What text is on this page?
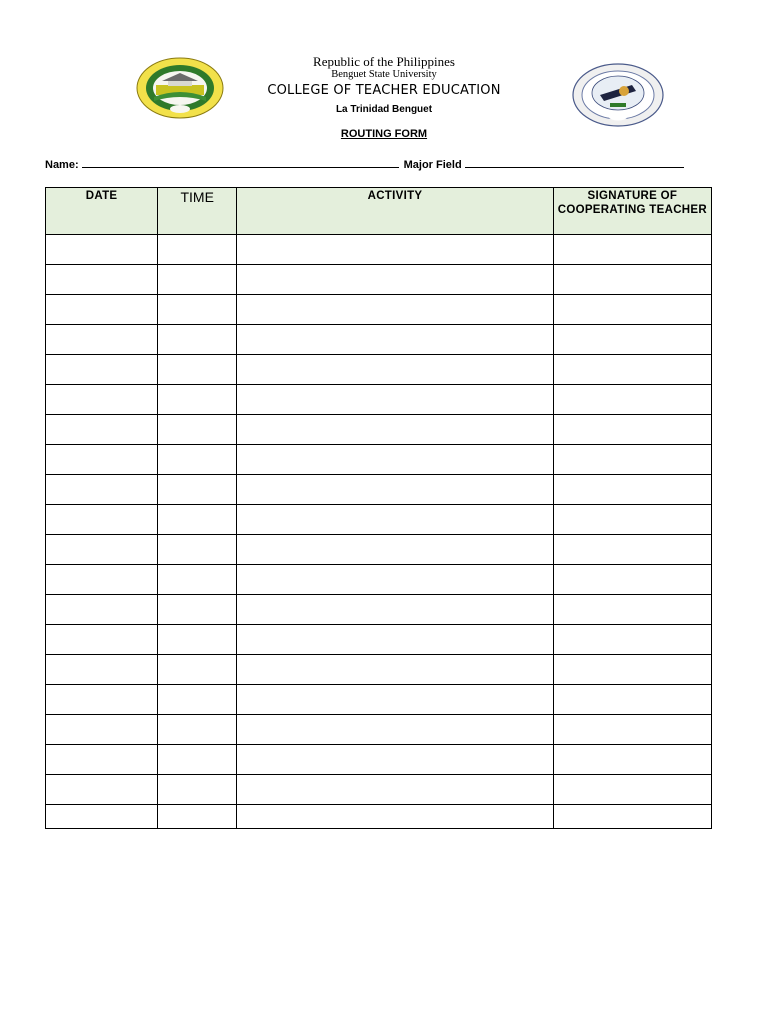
Republic of the Philippines
Benguet State University
COLLEGE OF TEACHER EDUCATION
La Trinidad Benguet
ROUTING FORM
Name:	Major Field
DATE	TIME	ACTIVITY	SIGNATURE OF COOPERATING TEACHER
